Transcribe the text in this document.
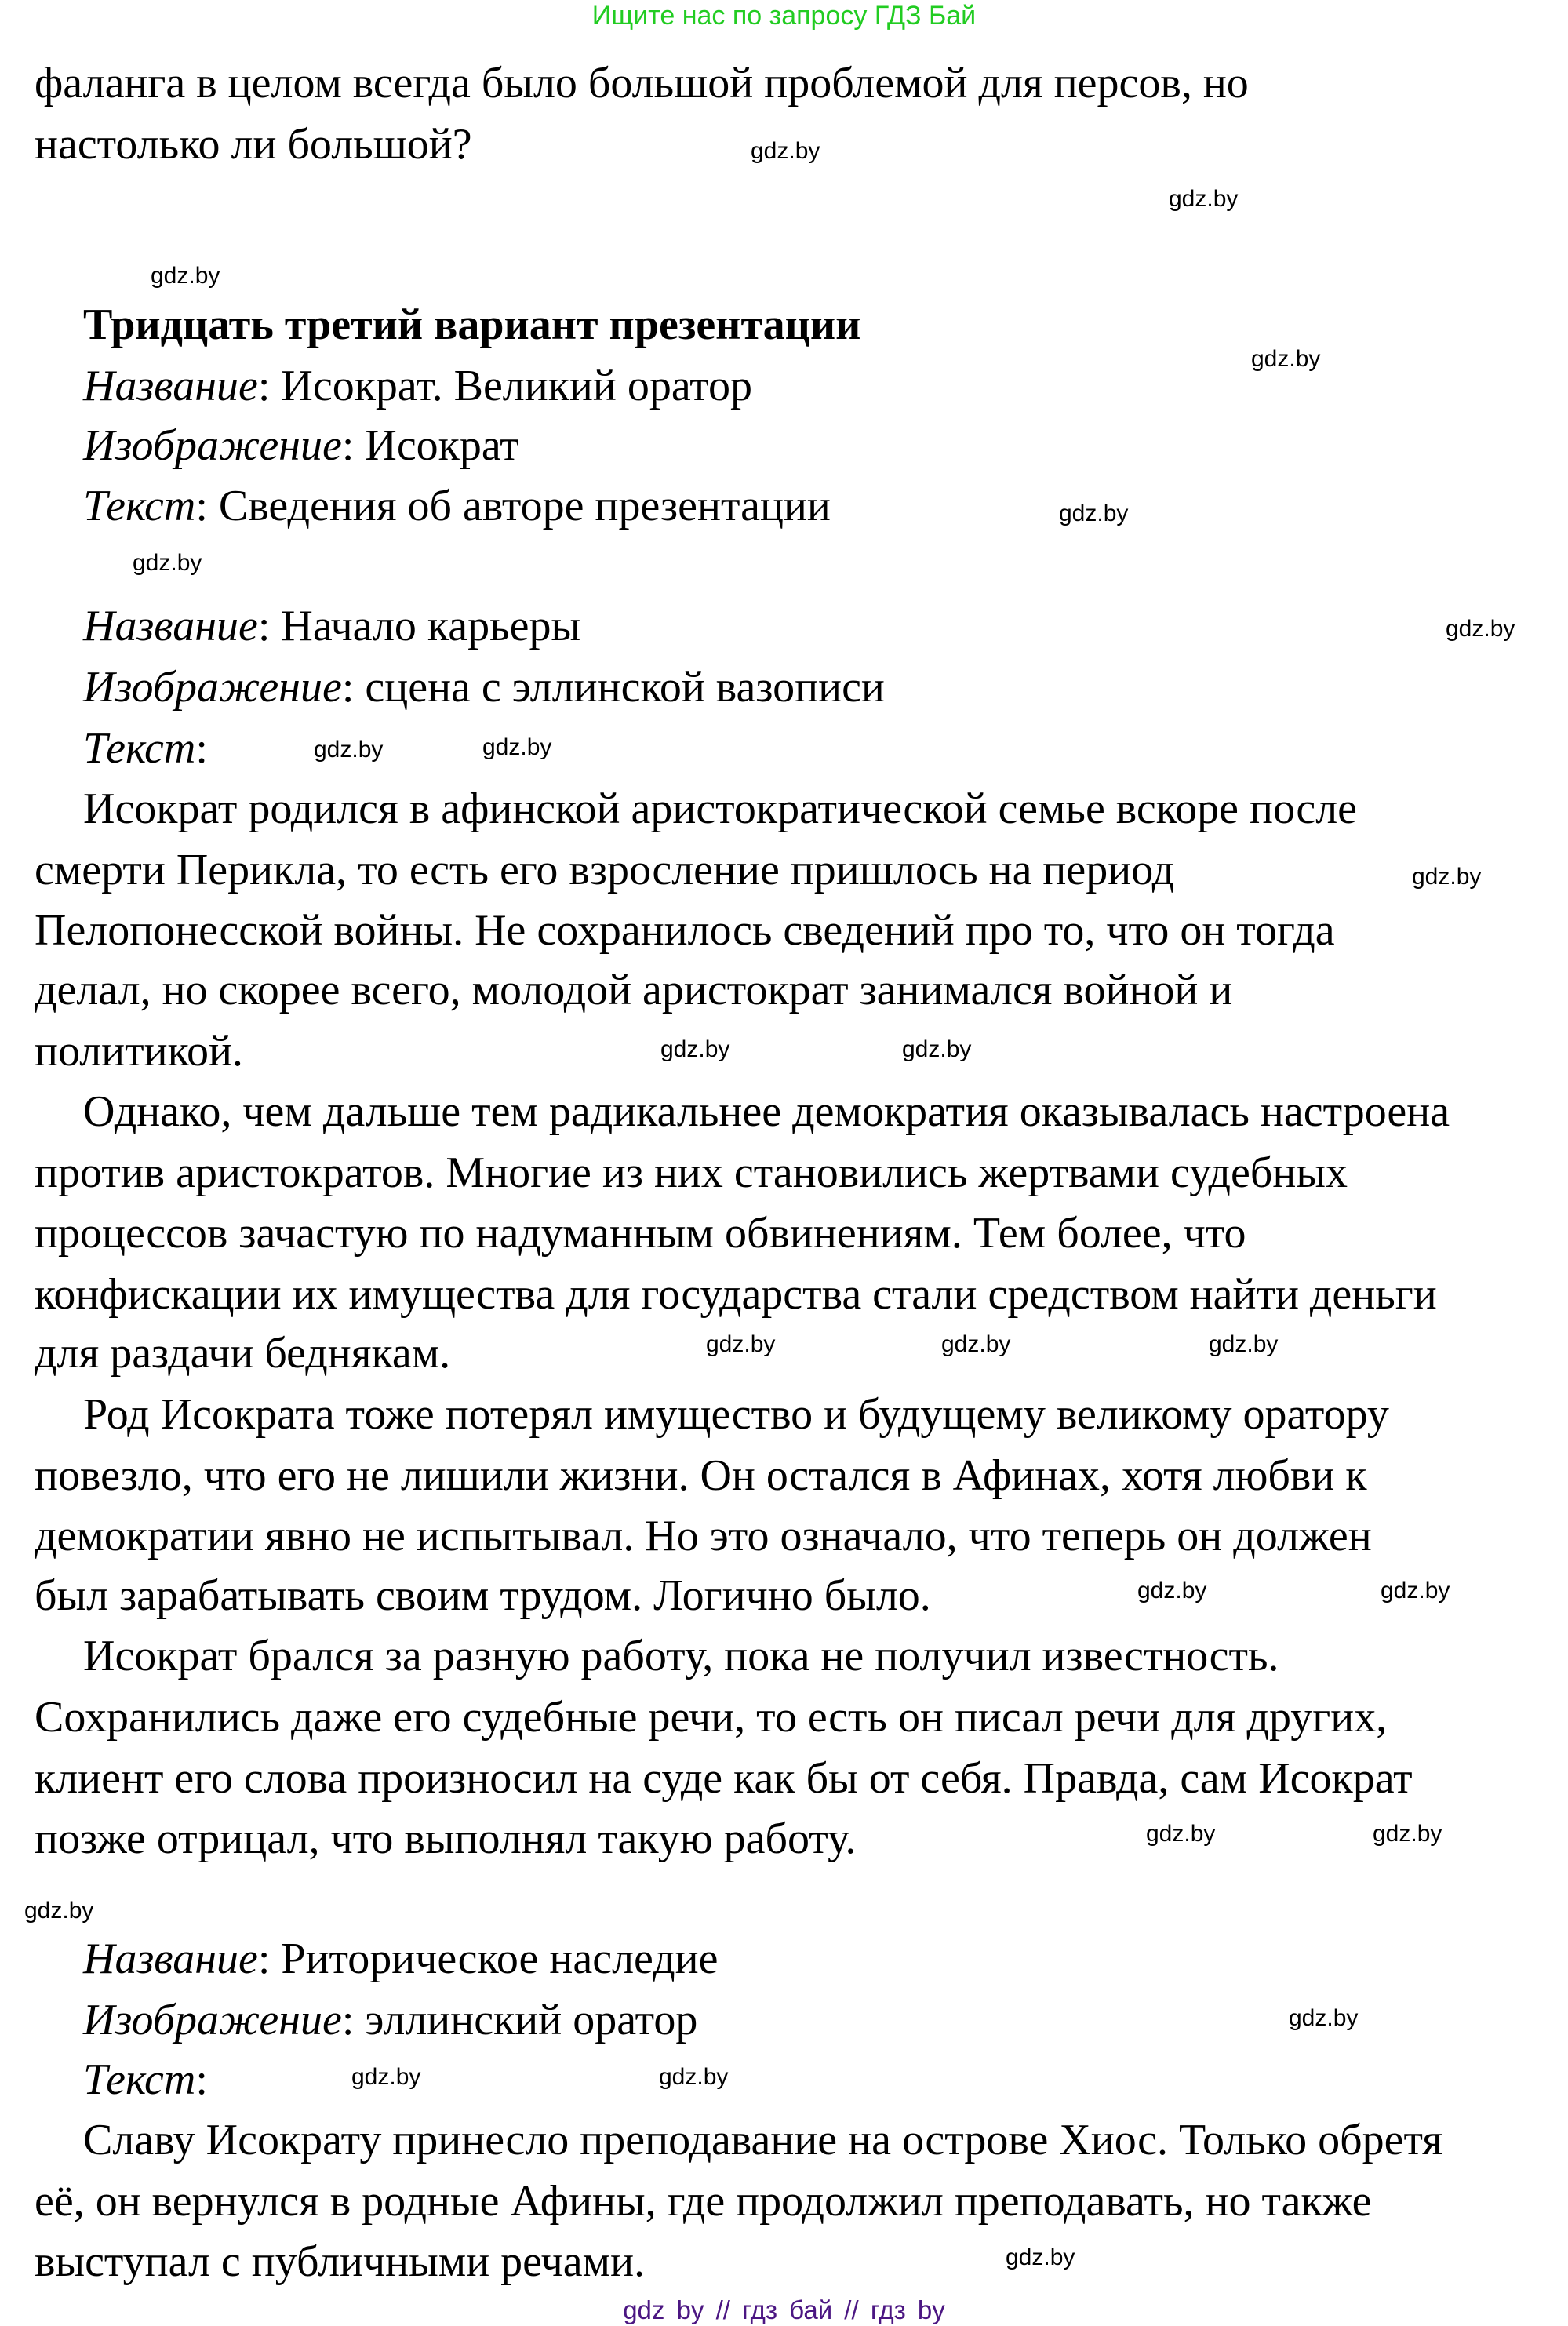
Ищите нас по запросу ГДЗ Бай
фаланга в целом всегда было большой проблемой для персов, но
настолько ли большой?
Тридцать третий вариант презентации
Название: Исократ. Великий оратор
Изображение: Исократ
Текст: Сведения об авторе презентации
Название: Начало карьеры
Изображение: сцена с эллинской вазописи
Текст:
Исократ родился в афинской аристократической семье вскоре после
смерти Перикла, то есть его взросление пришлось на период
Пелопонесской войны. Не сохранилось сведений про то, что он тогда
делал, но скорее всего, молодой аристократ занимался войной и
политикой.
Однако, чем дальше тем радикальнее демократия оказывалась настроена
против аристократов. Многие из них становились жертвами судебных
процессов зачастую по надуманным обвинениям. Тем более, что
конфискации их имущества для государства стали средством найти деньги
для раздачи беднякам.
Род Исократа тоже потерял имущество и будущему великому оратору
повезло, что его не лишили жизни. Он остался в Афинах, хотя любви к
демократии явно не испытывал. Но это означало, что теперь он должен
был зарабатывать своим трудом. Логично было.
Исократ брался за разную работу, пока не получил известность.
Сохранились даже его судебные речи, то есть он писал речи для других,
клиент его слова произносил на суде как бы от себя. Правда, сам Исократ
позже отрицал, что выполнял такую работу.
Название: Риторическое наследие
Изображение: эллинский оратор
Текст:
Славу Исократу принесло преподавание на острове Хиос. Только обретя
её, он вернулся в родные Афины, где продолжил преподавать, но также
выступал с публичными речами.
gdz.by
gdz.by
gdz.by
gdz.by
gdz.by
gdz.by
gdz.by
gdz.by
gdz.by
gdz.by
gdz.by	gdz.by
gdz.by	gdz.by
gdz.by
gdz.by
gdz.by
gdz.by
gdz.by
gdz.by
gdz.by
gdz.by	gdz.by
gdz.by
gdz by // гдз бай // гдз by
